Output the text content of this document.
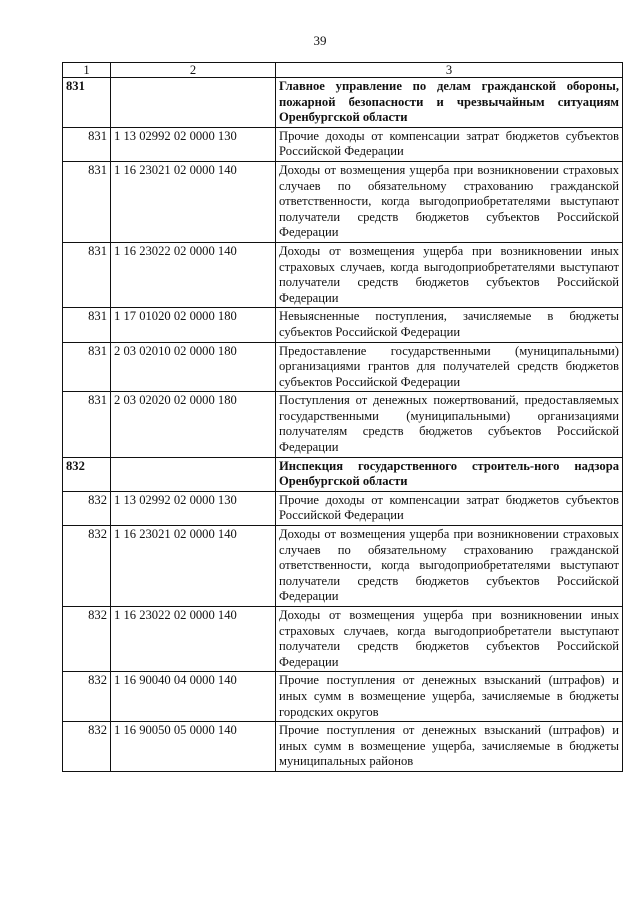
39
1	2	3
831		Главное управление по делам гражданской обороны, пожарной безопасности и чрезвычайным ситуациям Оренбургской области
831	1 13 02992 02 0000 130	Прочие доходы от компенсации затрат бюджетов субъектов Российской Федерации
831	1 16 23021 02 0000 140	Доходы от возмещения ущерба при возникновении страховых случаев по обязательному страхованию гражданской ответственности, когда выгодоприобретателями выступают получатели средств бюджетов субъектов Российской Федерации
831	1 16 23022 02 0000 140	Доходы от возмещения ущерба при возникновении иных страховых случаев, когда выгодоприобретателями выступают получатели средств бюджетов субъектов Российской Федерации
831	1 17 01020 02 0000 180	Невыясненные поступления, зачисляемые в бюджеты субъектов Российской Федерации
831	2 03 02010 02 0000 180	Предоставление государственными (муниципальными) организациями грантов для получателей средств бюджетов субъектов Российской Федерации
831	2 03 02020 02 0000 180	Поступления от денежных пожертвований, предоставляемых государственными (муниципальными) организациями получателям средств бюджетов субъектов Российской Федерации
832		Инспекция государственного строитель-ного надзора Оренбургской области
832	1 13 02992 02 0000 130	Прочие доходы от компенсации затрат бюджетов субъектов Российской Федерации
832	1 16 23021 02 0000 140	Доходы от возмещения ущерба при возникновении страховых случаев по обязательному страхованию гражданской ответственности, когда выгодоприобретателями выступают получатели средств бюджетов субъектов Российской Федерации
832	1 16 23022 02 0000 140	Доходы от возмещения ущерба при возникновении иных страховых случаев, когда выгодоприобретатели выступают получатели средств бюджетов субъектов Российской Федерации
832	1 16 90040 04 0000 140	Прочие поступления от денежных взысканий (штрафов) и иных сумм в возмещение ущерба, зачисляемые в бюджеты городских округов
832	1 16 90050 05 0000 140	Прочие поступления от денежных взысканий (штрафов) и иных сумм в возмещение ущерба, зачисляемые в бюджеты муниципальных районов
